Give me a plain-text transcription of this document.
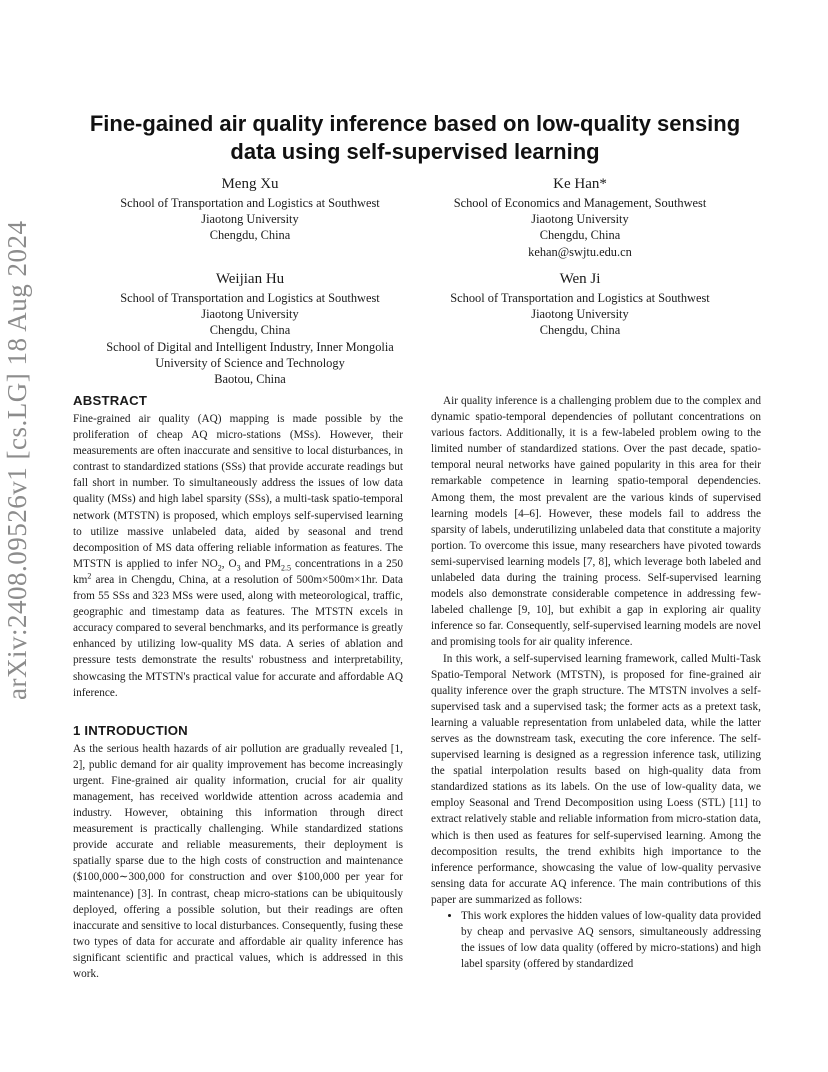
arXiv:2408.09526v1 [cs.LG] 18 Aug 2024
Fine-gained air quality inference based on low-quality sensing
data using self-supervised learning
Meng Xu
School of Transportation and Logistics at Southwest
Jiaotong University
Chengdu, China
Ke Han*
School of Economics and Management, Southwest
Jiaotong University
Chengdu, China
kehan@swjtu.edu.cn
Weijian Hu
School of Transportation and Logistics at Southwest
Jiaotong University
Chengdu, China
School of Digital and Intelligent Industry, Inner Mongolia
University of Science and Technology
Baotou, China
Wen Ji
School of Transportation and Logistics at Southwest
Jiaotong University
Chengdu, China
ABSTRACT

Fine-grained air quality (AQ) mapping is made possible by the proliferation of cheap AQ micro-stations (MSs). However, their measurements are often inaccurate and sensitive to local disturbances, in contrast to standardized stations (SSs) that provide accurate readings but fall short in number. To simultaneously address the issues of low data quality (MSs) and high label sparsity (SSs), a multi-task spatio-temporal network (MTSTN) is proposed, which employs self-supervised learning to utilize massive unlabeled data, aided by seasonal and trend decomposition of MS data offering reliable information as features. The MTSTN is applied to infer $NO_2$, $O_3$ and $PM_{2.5}$ concentrations in a 250 $km^2$ area in Chengdu, China, at a resolution of 500m×500m×1hr. Data from 55 SSs and 323 MSs were used, along with meteorological, traffic, geographic and timestamp data as features. The MTSTN excels in accuracy compared to several benchmarks, and its performance is greatly enhanced by utilizing low-quality MS data. A series of ablation and pressure tests demonstrate the results' robustness and interpretability, showcasing the MTSTN's practical value for accurate and affordable AQ inference.

1 INTRODUCTION

As the serious health hazards of air pollution are gradually revealed [1, 2], public demand for air quality improvement has become increasingly urgent. Fine-grained air quality information, crucial for air quality management, has received worldwide attention across academia and industry. However, obtaining this information through direct measurement is practically challenging. While standardized stations provide accurate and reliable measurements, their deployment is spatially sparse due to the high costs of construction and maintenance ($100,000∼300,000 for construction and over $100,000 per year for maintenance) [3]. In contrast, cheap micro-stations can be ubiquitously deployed, offering a possible solution, but their readings are often inaccurate and sensitive to local disturbances. Consequently, fusing these two types of data for accurate and affordable air quality inference has significant scientific and practical values, which is addressed in this work.

Air quality inference is a challenging problem due to the complex and dynamic spatio-temporal dependencies of pollutant concentrations on various factors. Additionally, it is a few-labeled problem owing to the limited number of standardized stations. Over the past decade, spatio-temporal neural networks have gained popularity in this area for their remarkable competence in learning spatio-temporal dependencies. Among them, the most prevalent are the various kinds of supervised learning models [4–6]. However, these models fail to address the sparsity of labels, underutilizing unlabeled data that constitute a majority portion. To overcome this issue, many researchers have pivoted towards semi-supervised learning models [7, 8], which leverage both labeled and unlabeled data during the training process. Self-supervised learning models also demonstrate considerable competence in addressing few-labeled challenge [9, 10], but exhibit a gap in exploring air quality inference so far. Consequently, self-supervised learning models are novel and promising tools for air quality inference.

In this work, a self-supervised learning framework, called Multi-Task Spatio-Temporal Network (MTSTN), is proposed for fine-grained air quality inference over the graph structure. The MTSTN involves a self-supervised task and a supervised task; the former acts as a pretext task, learning a valuable representation from unlabeled data, while the latter serves as the downstream task, executing the core inference. The self-supervised learning is designed as a regression inference task, utilizing the spatial interpolation results based on high-quality data from standardized stations as its labels. On the use of low-quality data, we employ Seasonal and Trend Decomposition using Loess (STL) [11] to extract relatively stable and reliable information from micro-station data, which is then used as features for self-supervised learning. Among the decomposition results, the trend exhibits high importance to the inference performance, showcasing the value of low-quality pervasive sensing data for accurate AQ inference. The main contributions of this paper are summarized as follows:

• This work explores the hidden values of low-quality data provided by cheap and pervasive AQ sensors, simultaneously addressing the issues of low data quality (offered by micro-stations) and high label sparsity (offered by standardized
